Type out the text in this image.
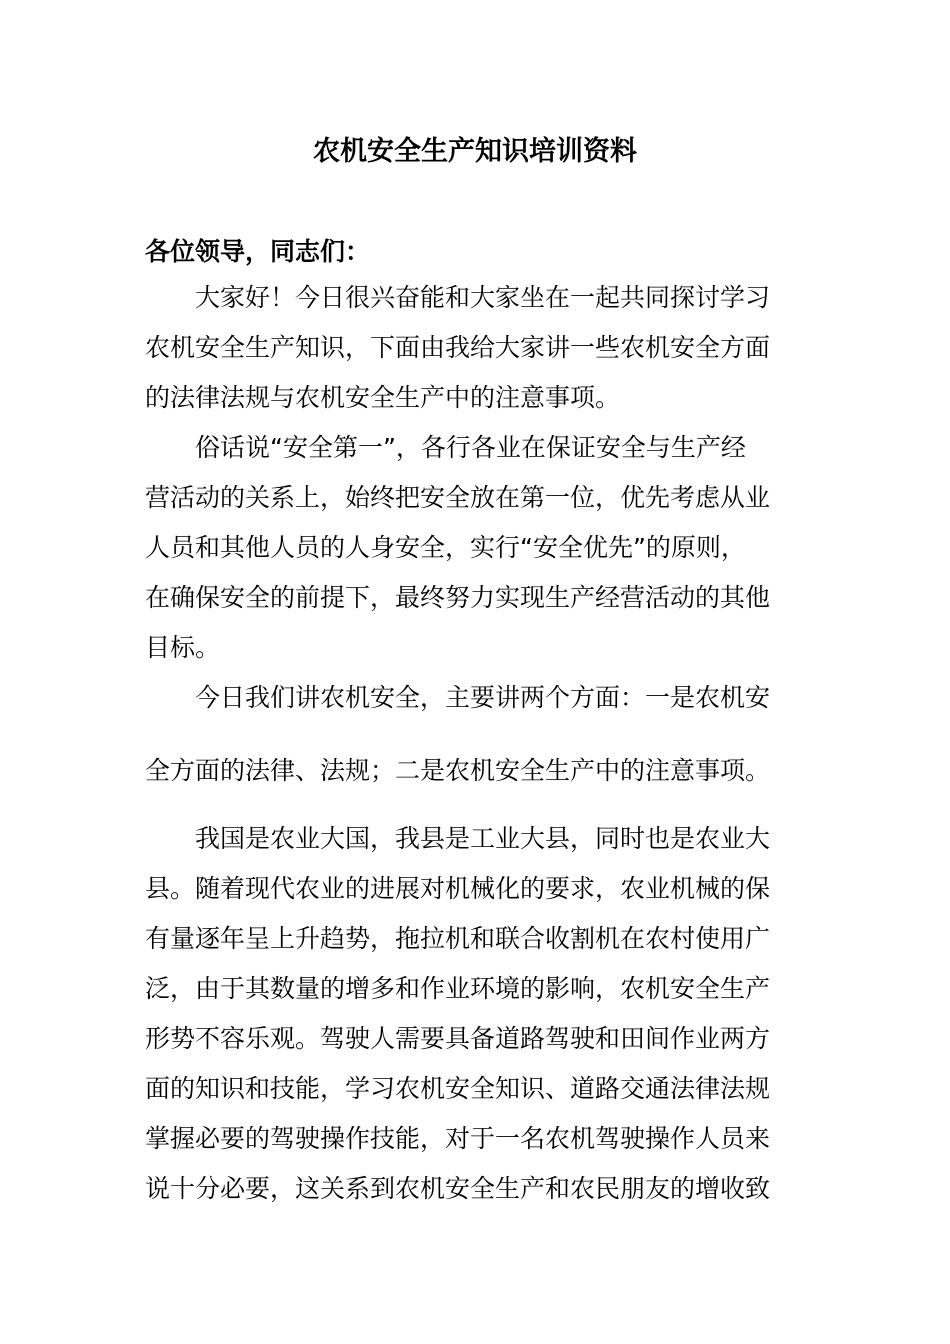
农机安全生产知识培训资料

各位领导，同志们：

大家好！今日很兴奋能和大家坐在一起共同探讨学习
农机安全生产知识，下面由我给大家讲一些农机安全方面
的法律法规与农机安全生产中的注意事项。
俗话说“安全第一”，各行各业在保证安全与生产经
营活动的关系上，始终把安全放在第一位，优先考虑从业
人员和其他人员的人身安全，实行“安全优先”的原则，
在确保安全的前提下，最终努力实现生产经营活动的其他
目标。
今日我们讲农机安全，主要讲两个方面：一是农机安
全方面的法律、法规；二是农机安全生产中的注意事项。
我国是农业大国，我县是工业大县，同时也是农业大
县。随着现代农业的进展对机械化的要求，农业机械的保
有量逐年呈上升趋势，拖拉机和联合收割机在农村使用广
泛，由于其数量的增多和作业环境的影响，农机安全生产
形势不容乐观。驾驶人需要具备道路驾驶和田间作业两方
面的知识和技能，学习农机安全知识、道路交通法律法规
掌握必要的驾驶操作技能，对于一名农机驾驶操作人员来
说十分必要，这关系到农机安全生产和农民朋友的增收致
